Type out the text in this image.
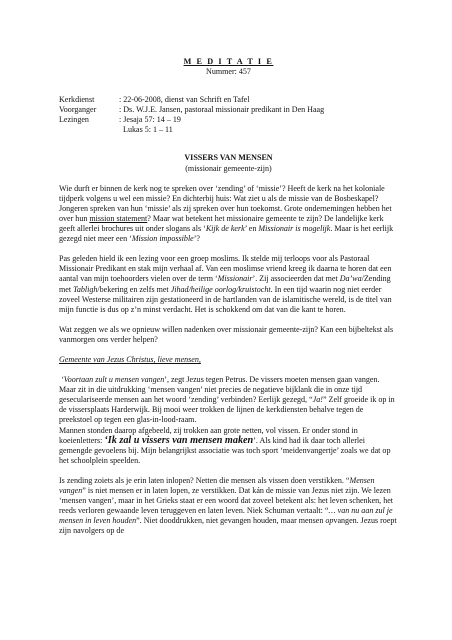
M E D I T A T I E
Nummer: 457
Kerkdienst	: 22-06-2008, dienst van Schrift en Tafel
Voorganger	: Ds. W.J.E. Jansen, pastoraal missionair predikant in Den Haag
Lezingen	: Jesaja 57: 14 – 19
Lukas 5: 1 – 11
VISSERS VAN MENSEN
(missionair gemeente-zijn)

Wie durft er binnen de kerk nog te spreken over ‘zending’ of ‘missie’? Heeft de kerk na het koloniale tijdperk volgens u wel een missie? En dichterbij huis: Wat ziet u als de missie van de Bosbeskapel? Jongeren spreken van hun ‘missie’ als zij spreken over hun toekomst. Grote ondernemingen hebben het over hun mission statement? Maar wat betekent het missionaire gemeente te zijn? De landelijke kerk geeft allerlei brochures uit onder slogans als ‘Kijk de kerk’ en Missionair is mogelijk. Maar is het eerlijk gezegd niet meer een ‘Mission impossible’?

Pas geleden hield ik een lezing voor een groep moslims. Ik stelde mij terloops voor als Pastoraal Missionair Predikant en stak mijn verhaal af. Van een moslimse vriend kreeg ik daarna te horen dat een aantal van mijn toehoorders vielen over de term ‘Missionair’. Zij associeerden dat met Da’wa/Zending met Tabligh/bekering en zelfs met Jihad/heilige oorlog/kruistocht. In een tijd waarin nog niet eerder zoveel Westerse militairen zijn gestationeerd in de hartlanden van de islamitische wereld, is de titel van mijn functie is dus op z’n minst verdacht. Het is schokkend om dat van die kant te horen.

Wat zeggen we als we opnieuw willen nadenken over missionair gemeente-zijn? Kan een bijbeltekst als vanmorgen ons verder helpen?

Gemeente van Jezus Christus, lieve mensen,

‘Voortaan zult u mensen vangen’, zegt Jezus tegen Petrus. De vissers moeten mensen gaan vangen. Maar zit in die uitdrukking ‘mensen vangen’ niet precies de negatieve bijklank die in onze tijd geseculariseerde mensen aan het woord ‘zending’ verbinden? Eerlijk gezegd, “Ja!” Zelf groeide ik op in de vissersplaats Harderwijk. Bij mooi weer trokken de lijnen de kerkdiensten behalve tegen de preekstoel op tegen een glas-in-lood-raam.
Mannen stonden daarop afgebeeld, zij trokken aan grote netten, vol vissen. Er onder stond in koeienletters: ‘Ik zal u vissers van mensen maken’. Als kind had ik daar toch allerlei gemengde gevoelens bij. Mijn belangrijkst associatie was toch sport ‘meidenvangertje’ zoals we dat op het schoolplein speelden.

Is zending zoiets als je erin laten inlopen? Netten die mensen als vissen doen verstikken. “Mensen vangen” is niet mensen er in laten lopen, ze verstikken. Dat kán de missie van Jezus niet zijn. We lezen ‘mensen vangen’, maar in het Grieks staat er een woord dat zoveel betekent als: het leven schenken, het reeds verloren gewaande leven teruggeven en laten leven. Niek Schuman vertaalt: “… van nu aan zul je mensen in leven houden”. Niet dooddrukken, niet gevangen houden, maar mensen opvangen. Jezus roept zijn navolgers op de
